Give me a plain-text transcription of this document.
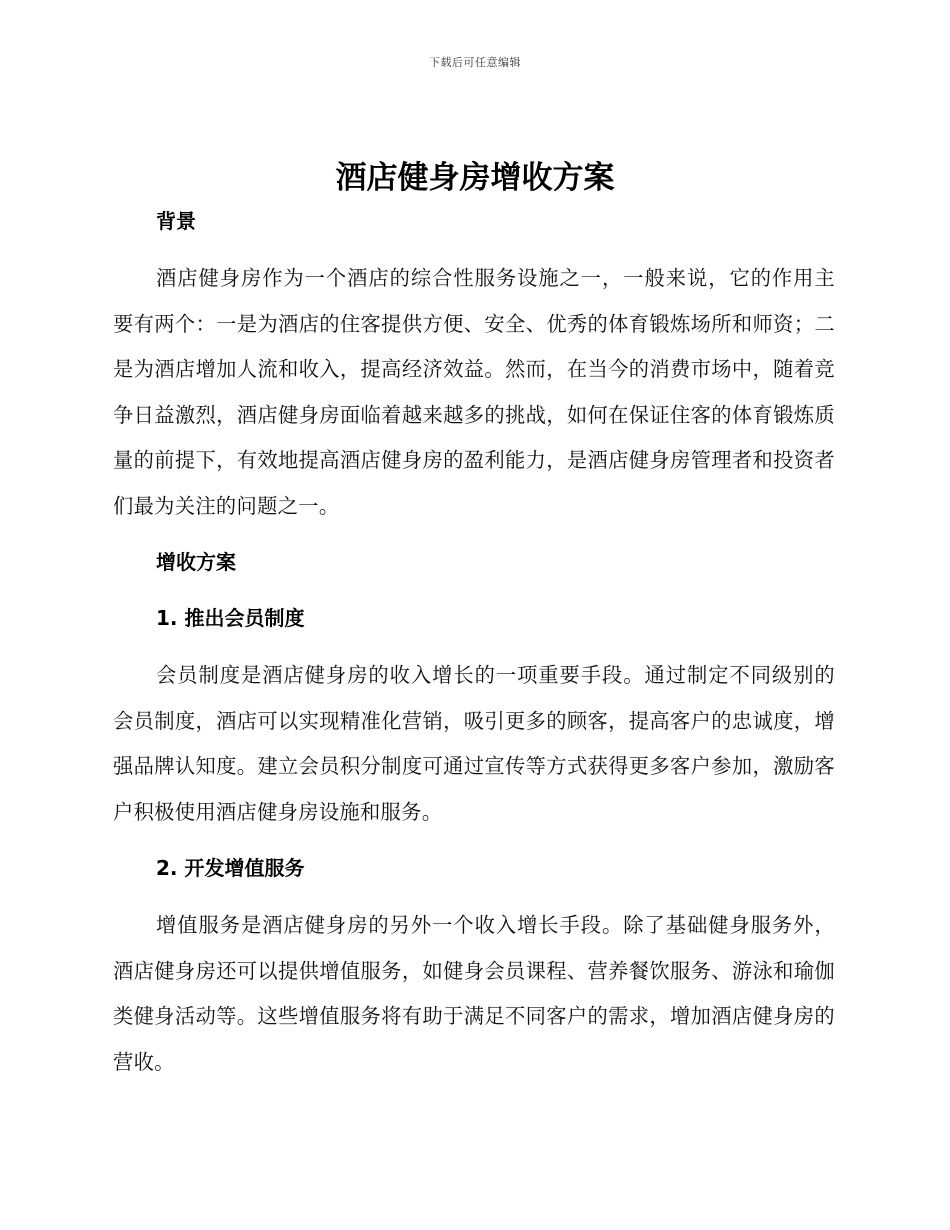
下载后可任意编辑
酒店健身房增收方案
背景

酒店健身房作为一个酒店的综合性服务设施之一，一般来说，它的作用主要有两个：一是为酒店的住客提供方便、安全、优秀的体育锻炼场所和师资；二是为酒店增加人流和收入，提高经济效益。然而，在当今的消费市场中，随着竞争日益激烈，酒店健身房面临着越来越多的挑战，如何在保证住客的体育锻炼质量的前提下，有效地提高酒店健身房的盈利能力，是酒店健身房管理者和投资者们最为关注的问题之一。

增收方案
1. 推出会员制度

会员制度是酒店健身房的收入增长的一项重要手段。通过制定不同级别的会员制度，酒店可以实现精准化营销，吸引更多的顾客，提高客户的忠诚度，增强品牌认知度。建立会员积分制度可通过宣传等方式获得更多客户参加，激励客户积极使用酒店健身房设施和服务。

2. 开发增值服务

增值服务是酒店健身房的另外一个收入增长手段。除了基础健身服务外，酒店健身房还可以提供增值服务，如健身会员课程、营养餐饮服务、游泳和瑜伽类健身活动等。这些增值服务将有助于满足不同客户的需求，增加酒店健身房的营收。
